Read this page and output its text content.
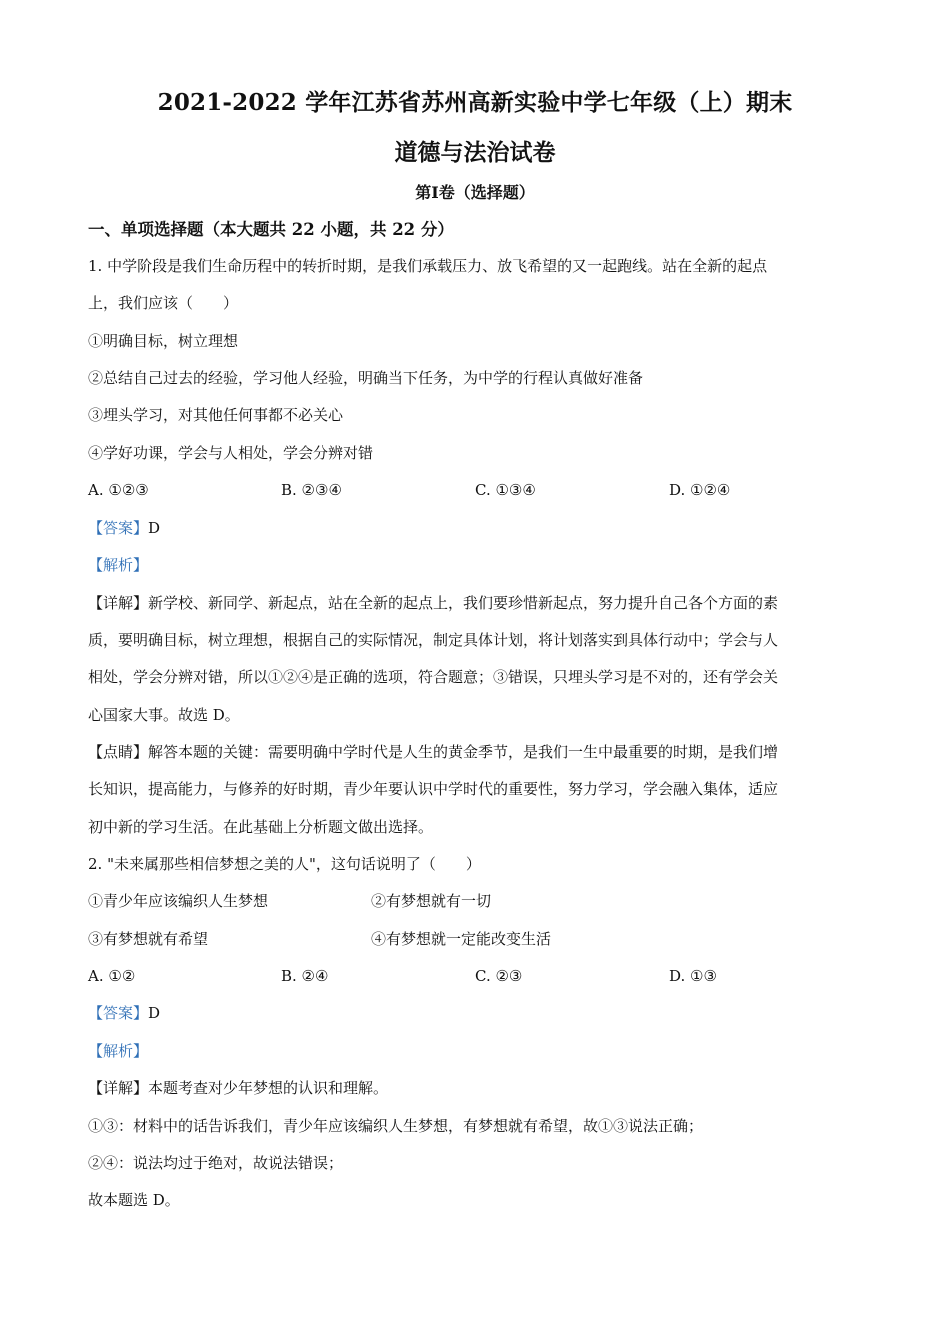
2021-2022 学年江苏省苏州高新实验中学七年级（上）期末
道德与法治试卷
第Ⅰ卷（选择题）
一、单项选择题（本大题共 22 小题，共 22 分）
1. 中学阶段是我们生命历程中的转折时期，是我们承载压力、放飞希望的又一起跑线。站在全新的起点
上，我们应该（　　）
①明确目标，树立理想
②总结自己过去的经验，学习他人经验，明确当下任务，为中学的行程认真做好准备
③埋头学习，对其他任何事都不必关心
④学好功课，学会与人相处，学会分辨对错
A. ①②③	B. ②③④	C. ①③④	D. ①②④
【答案】D
【解析】
【详解】新学校、新同学、新起点，站在全新的起点上，我们要珍惜新起点，努力提升自己各个方面的素
质，要明确目标，树立理想，根据自己的实际情况，制定具体计划，将计划落实到具体行动中；学会与人
相处，学会分辨对错，所以①②④是正确的选项，符合题意；③错误，只埋头学习是不对的，还有学会关
心国家大事。故选 D。
【点睛】解答本题的关键：需要明确中学时代是人生的黄金季节，是我们一生中最重要的时期，是我们增
长知识，提高能力，与修养的好时期，青少年要认识中学时代的重要性，努力学习，学会融入集体，适应
初中新的学习生活。在此基础上分析题文做出选择。
2. "未来属那些相信梦想之美的人"，这句话说明了（　　）
①青少年应该编织人生梦想	②有梦想就有一切
③有梦想就有希望	④有梦想就一定能改变生活
A. ①②	B. ②④	C. ②③	D. ①③
【答案】D
【解析】
【详解】本题考查对少年梦想的认识和理解。
①③：材料中的话告诉我们，青少年应该编织人生梦想，有梦想就有希望，故①③说法正确；
②④：说法均过于绝对，故说法错误；
故本题选 D。
